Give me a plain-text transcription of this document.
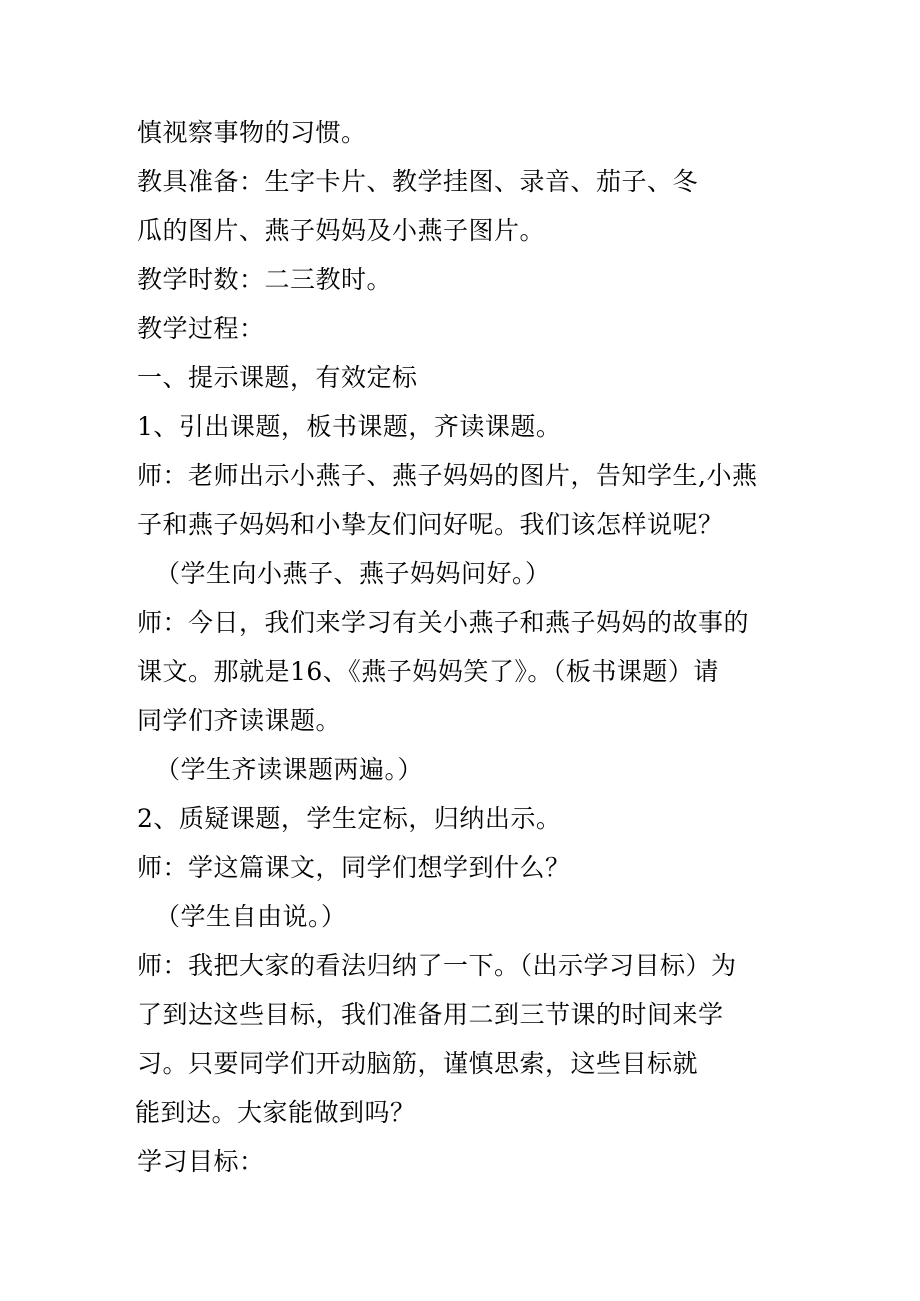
慎视察事物的习惯。
教具准备：生字卡片、教学挂图、录音、茄子、冬
瓜的图片、燕子妈妈及小燕子图片。
教学时数：二三教时。
教学过程：
一、提示课题，有效定标
1、引出课题，板书课题，齐读课题。
师：老师出示小燕子、燕子妈妈的图片，告知学生,小燕
子和燕子妈妈和小挚友们问好呢。我们该怎样说呢？
（学生向小燕子、燕子妈妈问好。）
师：今日，我们来学习有关小燕子和燕子妈妈的故事的
课文。那就是16、《燕子妈妈笑了》。（板书课题）请
同学们齐读课题。
（学生齐读课题两遍。）
2、质疑课题，学生定标，归纳出示。
师：学这篇课文，同学们想学到什么？
（学生自由说。）
师：我把大家的看法归纳了一下。（出示学习目标）为
了到达这些目标，我们准备用二到三节课的时间来学
习。只要同学们开动脑筋，谨慎思索，这些目标就
能到达。大家能做到吗？
学习目标：
